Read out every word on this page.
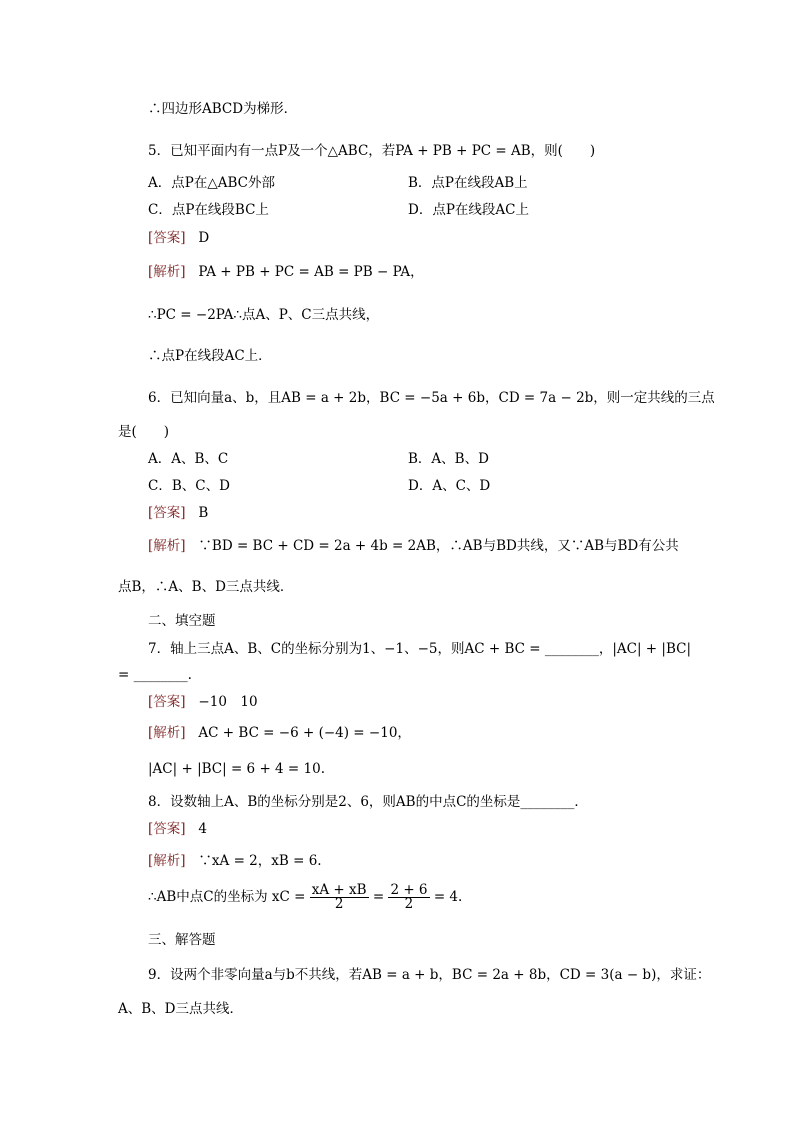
∴四边形ABCD为梯形．
5．已知平面内有一点P及一个△ABC，若PA + PB + PC = AB，则(　　)
A．点P在△ABC外部	B．点P在线段AB上
C．点P在线段BC上	D．点P在线段AC上
[答案] D
[解析] PA + PB + PC = AB = PB − PA，
∴PC = −2PA∴点A、P、C三点共线，
∴点P在线段AC上．
6．已知向量a、b，且AB = a + 2b，BC = −5a + 6b，CD = 7a − 2b，则一定共线的三点
是(　　)
A．A、B、C	B．A、B、D
C．B、C、D	D．A、C、D
[答案] B
[解析] ∵BD = BC + CD = 2a + 4b = 2AB，∴AB与BD共线，又∵AB与BD有公共
点B，∴A、B、D三点共线．
二、填空题
7．轴上三点A、B、C的坐标分别为1、−1、−5，则AC + BC = ________，|AC| + |BC|
= ________.
[答案] −10　10
[解析] AC + BC = −6 + (−4) = −10，
|AC| + |BC| = 6 + 4 = 10.
8．设数轴上A、B的坐标分别是2、6，则AB的中点C的坐标是________．
[答案] 4
[解析] ∵xA = 2，xB = 6.
∴AB中点C的坐标为 xC = $\frac{xA + xB}{2} = \frac{2 + 6}{2} = 4$.
三、解答题
9．设两个非零向量a与b不共线，若AB = a + b，BC = 2a + 8b，CD = 3(a − b)，求证：
A、B、D三点共线．
